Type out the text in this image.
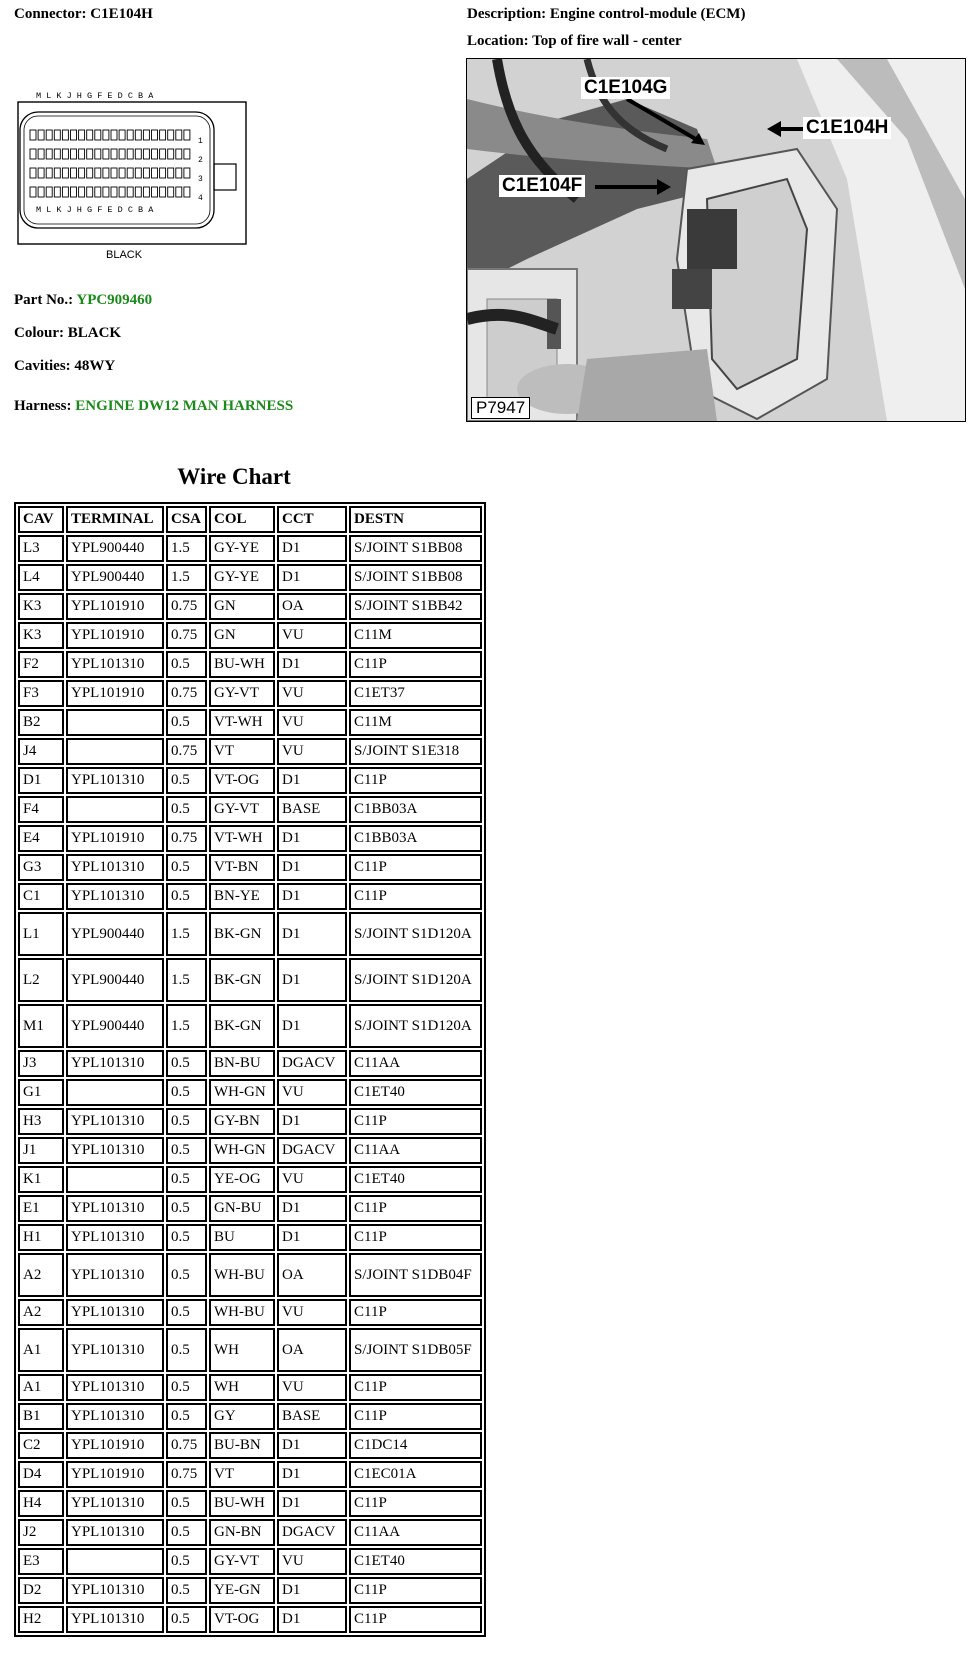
Connector: C1E104H	Description: Engine control-module (ECM)
Location: Top of fire wall - center
M L K J H G F E D C B A
1
2
3
4
M L K J H G F E D C B A
BLACK
Part No.: YPC909460
Colour: BLACK
Cavities: 48WY
Harness: ENGINE DW12 MAN HARNESS
C1E104G
C1E104H
C1E104F
P7947
Wire Chart
CAV	TERMINAL	CSA	COL	CCT	DESTN
L3	YPL900440	1.5	GY-YE	D1	S/JOINT S1BB08
L4	YPL900440	1.5	GY-YE	D1	S/JOINT S1BB08
K3	YPL101910	0.75	GN	OA	S/JOINT S1BB42
K3	YPL101910	0.75	GN	VU	C11M
F2	YPL101310	0.5	BU-WH	D1	C11P
F3	YPL101910	0.75	GY-VT	VU	C1ET37
B2		0.5	VT-WH	VU	C11M
J4		0.75	VT	VU	S/JOINT S1E318
D1	YPL101310	0.5	VT-OG	D1	C11P
F4		0.5	GY-VT	BASE	C1BB03A
E4	YPL101910	0.75	VT-WH	D1	C1BB03A
G3	YPL101310	0.5	VT-BN	D1	C11P
C1	YPL101310	0.5	BN-YE	D1	C11P
L1	YPL900440	1.5	BK-GN	D1	S/JOINT S1D120A
L2	YPL900440	1.5	BK-GN	D1	S/JOINT S1D120A
M1	YPL900440	1.5	BK-GN	D1	S/JOINT S1D120A
J3	YPL101310	0.5	BN-BU	DGACV	C11AA
G1		0.5	WH-GN	VU	C1ET40
H3	YPL101310	0.5	GY-BN	D1	C11P
J1	YPL101310	0.5	WH-GN	DGACV	C11AA
K1		0.5	YE-OG	VU	C1ET40
E1	YPL101310	0.5	GN-BU	D1	C11P
H1	YPL101310	0.5	BU	D1	C11P
A2	YPL101310	0.5	WH-BU	OA	S/JOINT S1DB04F
A2	YPL101310	0.5	WH-BU	VU	C11P
A1	YPL101310	0.5	WH	OA	S/JOINT S1DB05F
A1	YPL101310	0.5	WH	VU	C11P
B1	YPL101310	0.5	GY	BASE	C11P
C2	YPL101910	0.75	BU-BN	D1	C1DC14
D4	YPL101910	0.75	VT	D1	C1EC01A
H4	YPL101310	0.5	BU-WH	D1	C11P
J2	YPL101310	0.5	GN-BN	DGACV	C11AA
E3		0.5	GY-VT	VU	C1ET40
D2	YPL101310	0.5	YE-GN	D1	C11P
H2	YPL101310	0.5	VT-OG	D1	C11P
